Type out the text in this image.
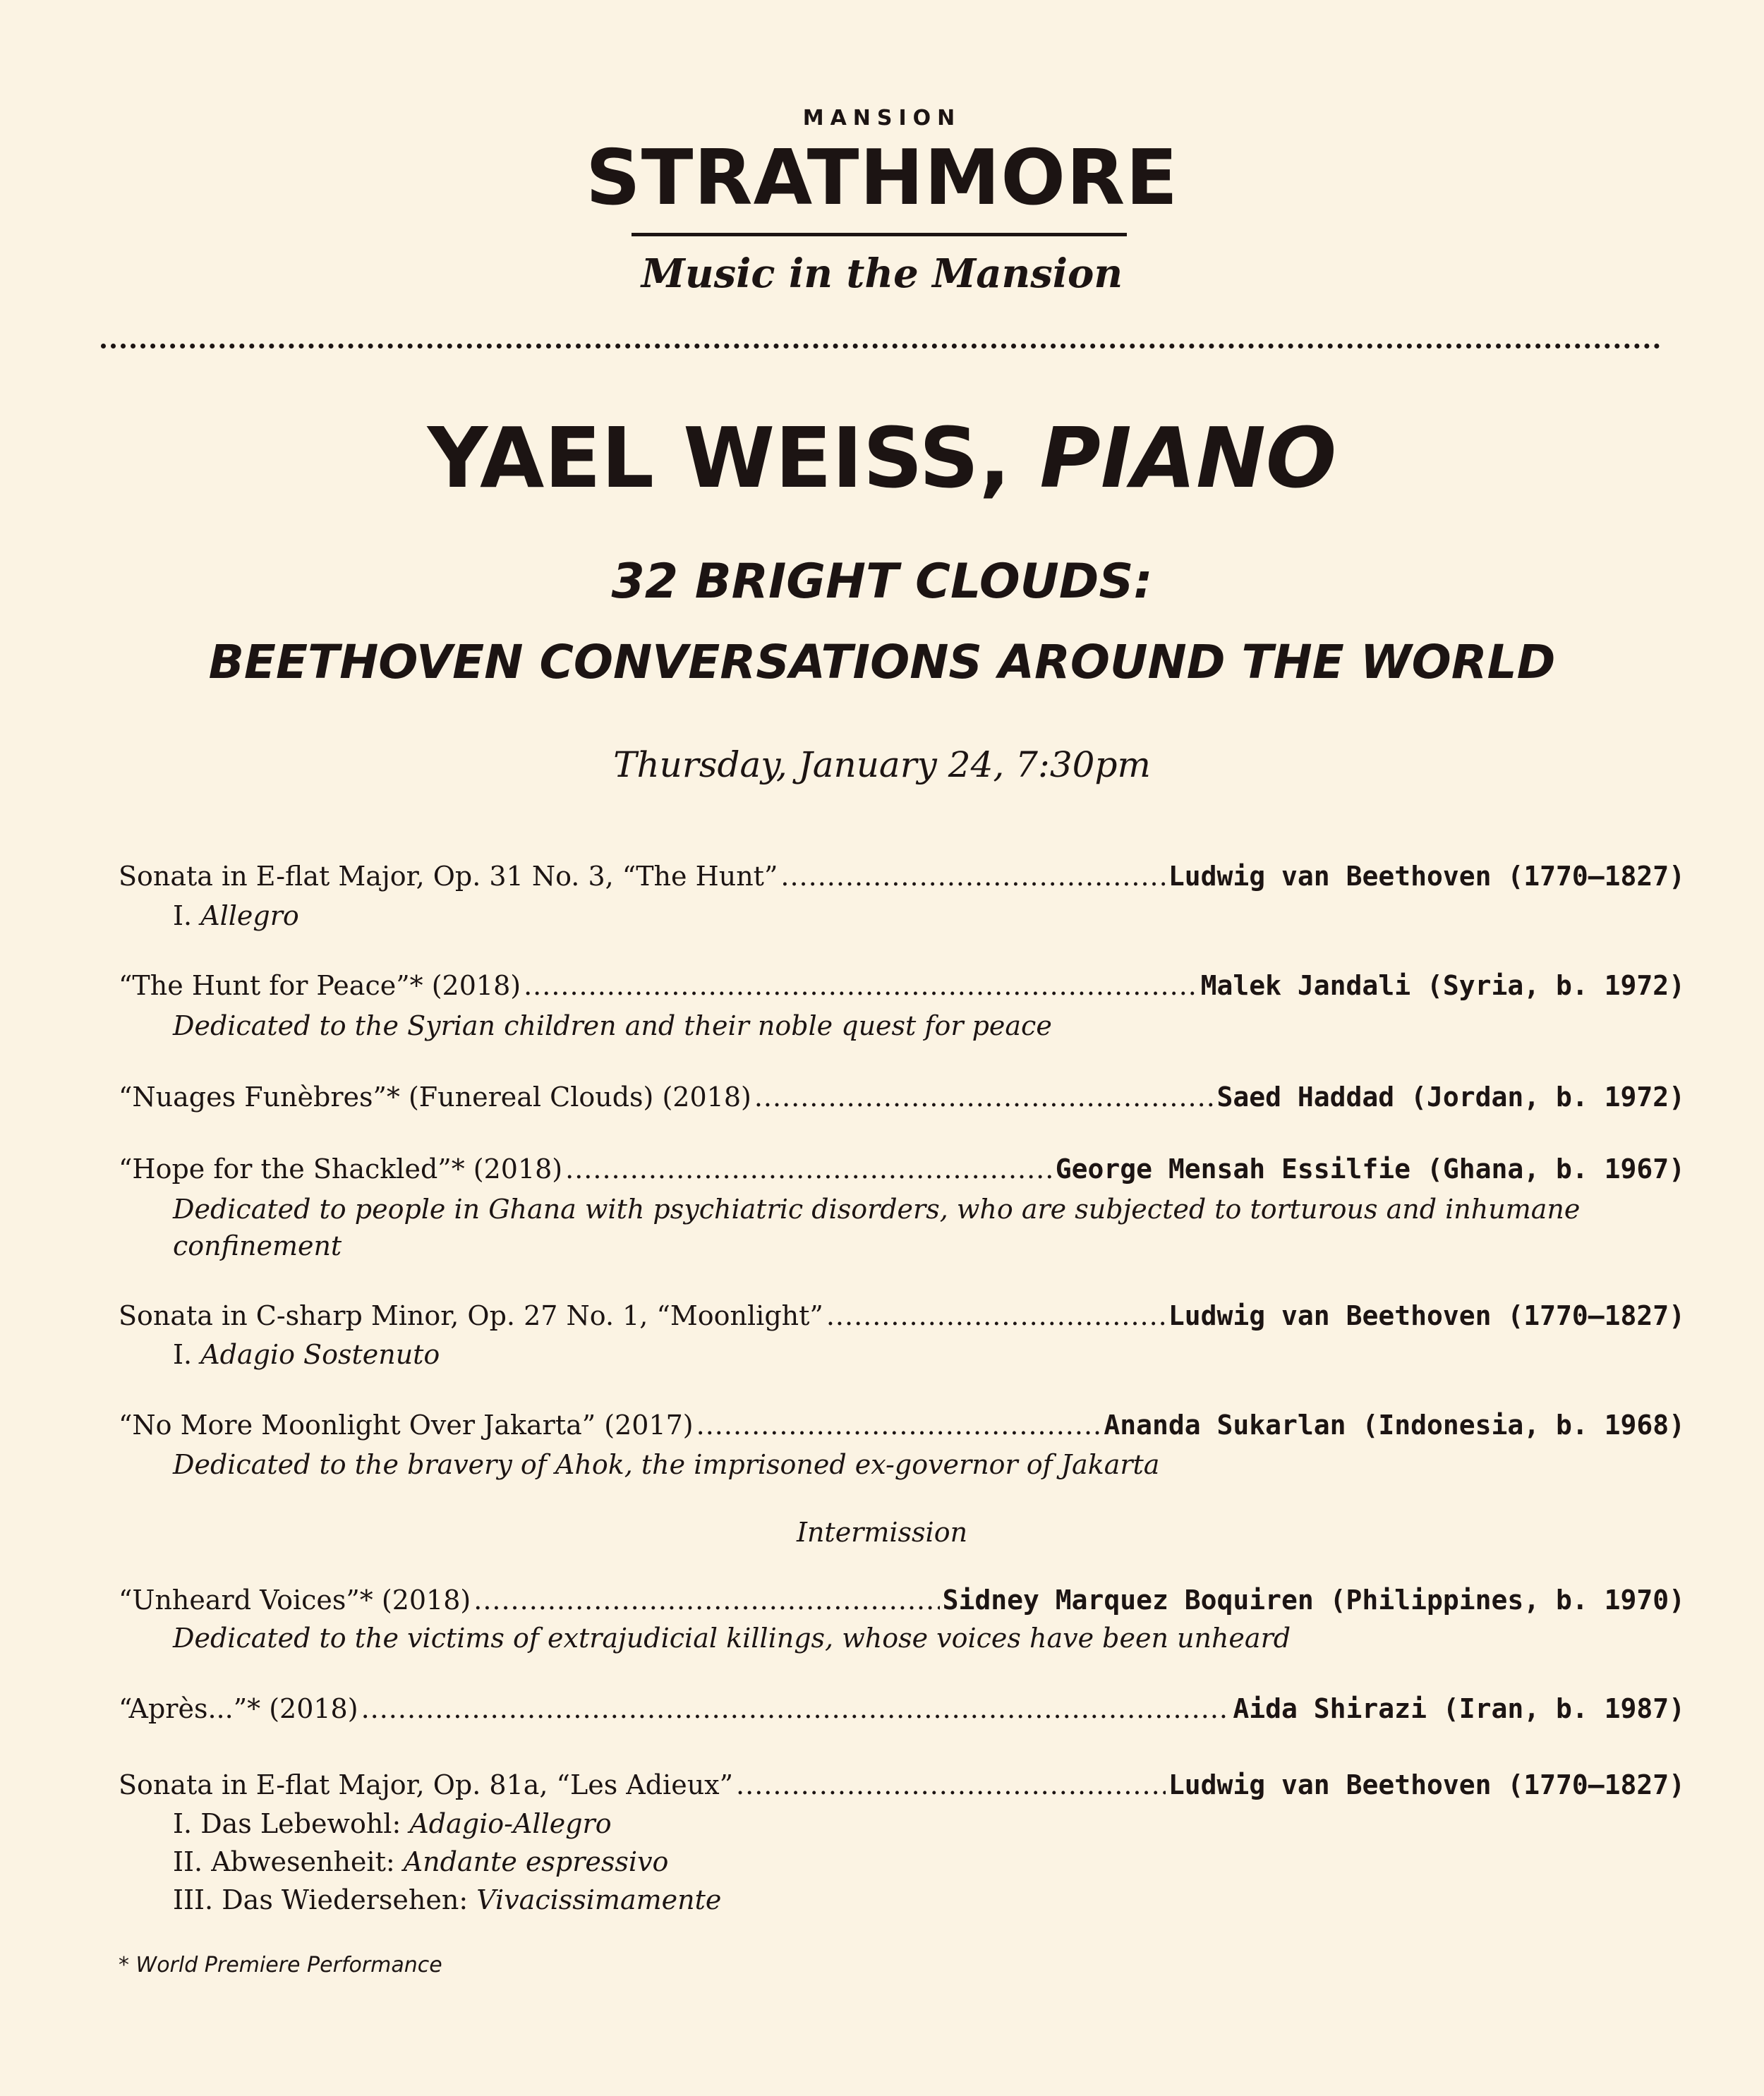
MANSION
STRATHMORE
Music in the Mansion
YAEL WEISS, PIANO
32 BRIGHT CLOUDS:
BEETHOVEN CONVERSATIONS AROUND THE WORLD
Thursday, January 24, 7:30pm
Sonata in E-flat Major, Op. 31 No. 3, “The Hunt” .....	Ludwig van Beethoven (1770–1827)
I. Allegro
“The Hunt for Peace”* (2018) .....	Malek Jandali (Syria, b. 1972)
Dedicated to the Syrian children and their noble quest for peace
“Nuages Funèbres”* (Funereal Clouds) (2018) .....	Saed Haddad (Jordan, b. 1972)
“Hope for the Shackled”* (2018) .....	George Mensah Essilfie (Ghana, b. 1967)
Dedicated to people in Ghana with psychiatric disorders, who are subjected to torturous and inhumane
confinement
Sonata in C-sharp Minor, Op. 27 No. 1, “Moonlight” .....	Ludwig van Beethoven (1770–1827)
I. Adagio Sostenuto
“No More Moonlight Over Jakarta” (2017) .....	Ananda Sukarlan (Indonesia, b. 1968)
Dedicated to the bravery of Ahok, the imprisoned ex-governor of Jakarta
Intermission
“Unheard Voices”* (2018) .....	Sidney Marquez Boquiren (Philippines, b. 1970)
Dedicated to the victims of extrajudicial killings, whose voices have been unheard
“Après...”* (2018) .....	Aida Shirazi (Iran, b. 1987)
Sonata in E-flat Major, Op. 81a, “Les Adieux” .....	Ludwig van Beethoven (1770–1827)
I. Das Lebewohl: Adagio-Allegro
II. Abwesenheit: Andante espressivo
III. Das Wiedersehen: Vivacissimamente
* World Premiere Performance
